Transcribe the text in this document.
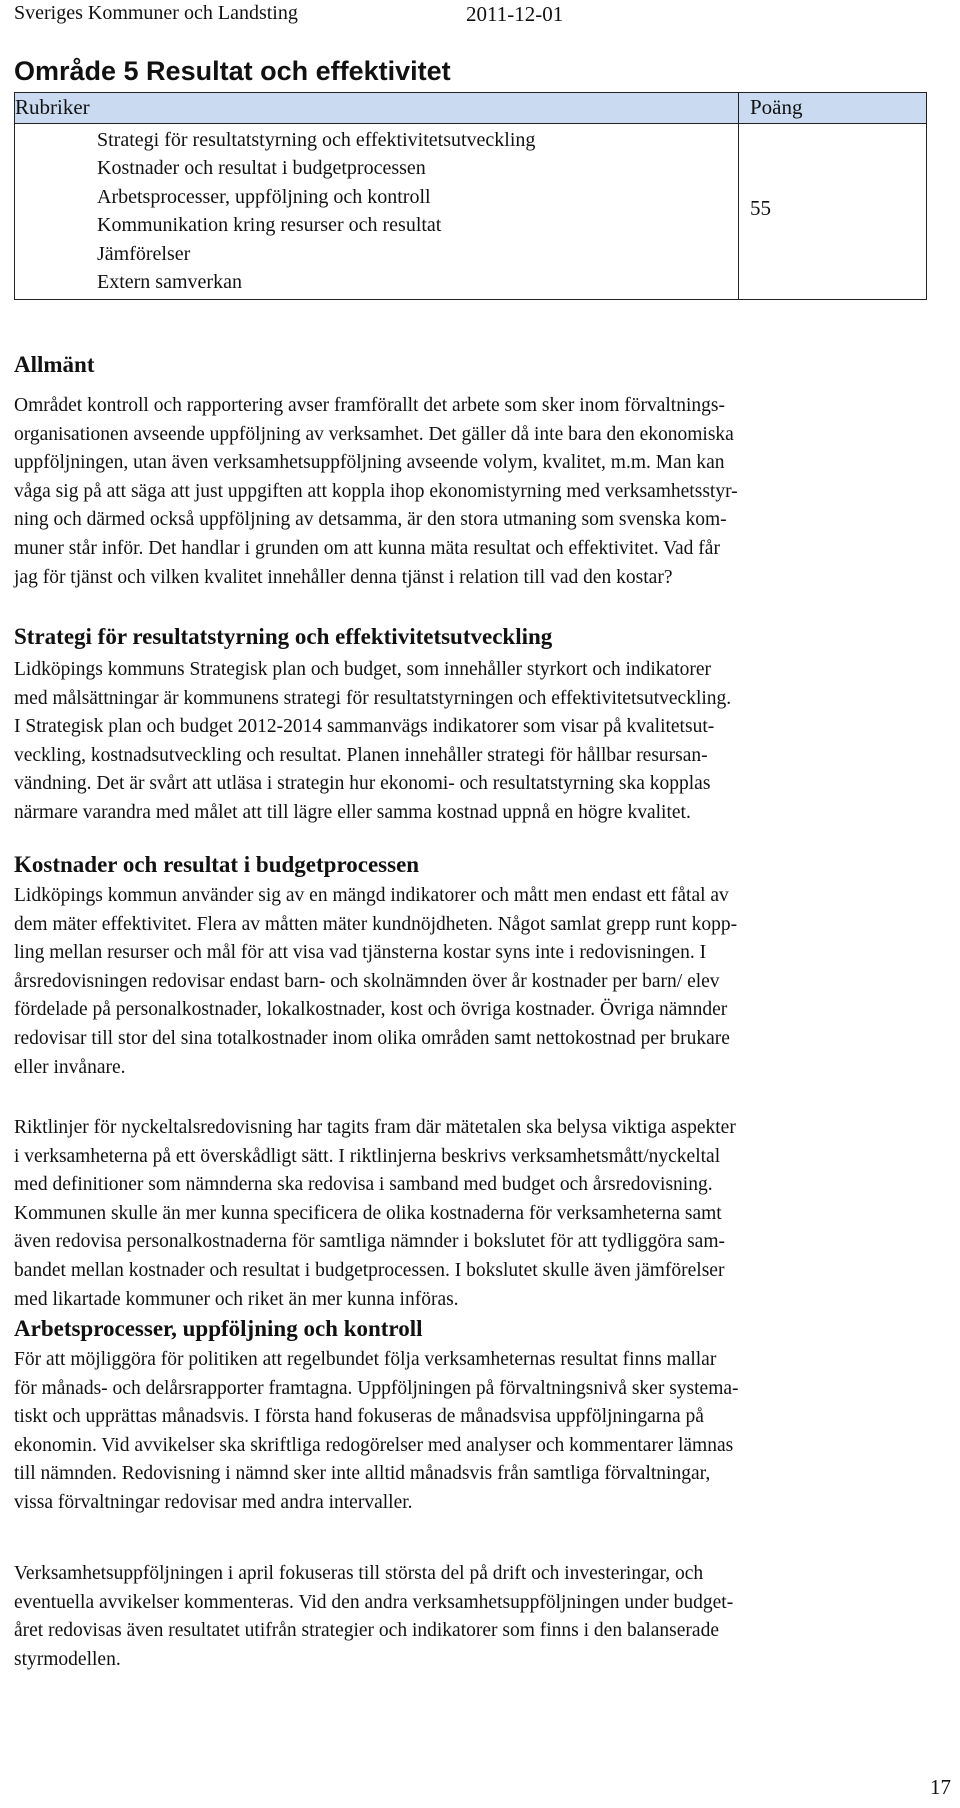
Sveriges Kommuner och Landsting	2011-12-01
Område 5 Resultat och effektivitet
Rubriker	Poäng
Strategi för resultatstyrning och effektivitetsutveckling
Kostnader och resultat i budgetprocessen
Arbetsprocesser, uppföljning och kontroll
Kommunikation kring resurser och resultat
Jämförelser
Extern samverkan
55
Allmänt
Området kontroll och rapportering avser framförallt det arbete som sker inom förvaltnings-
organisationen avseende uppföljning av verksamhet. Det gäller då inte bara den ekonomiska
uppföljningen, utan även verksamhetsuppföljning avseende volym, kvalitet, m.m. Man kan
våga sig på att säga att just uppgiften att koppla ihop ekonomistyrning med verksamhetsstyr-
ning och därmed också uppföljning av detsamma, är den stora utmaning som svenska kom-
muner står inför. Det handlar i grunden om att kunna mäta resultat och effektivitet. Vad får
jag för tjänst och vilken kvalitet innehåller denna tjänst i relation till vad den kostar?
Strategi för resultatstyrning och effektivitetsutveckling
Lidköpings kommuns Strategisk plan och budget, som innehåller styrkort och indikatorer
med målsättningar är kommunens strategi för resultatstyrningen och effektivitetsutveckling.
I Strategisk plan och budget 2012-2014 sammanvägs indikatorer som visar på kvalitetsut-
veckling, kostnadsutveckling och resultat. Planen innehåller strategi för hållbar resursan-
vändning. Det är svårt att utläsa i strategin hur ekonomi- och resultatstyrning ska kopplas
närmare varandra med målet att till lägre eller samma kostnad uppnå en högre kvalitet.
Kostnader och resultat i budgetprocessen
Lidköpings kommun använder sig av en mängd indikatorer och mått men endast ett fåtal av
dem mäter effektivitet. Flera av måtten mäter kundnöjdheten. Något samlat grepp runt kopp-
ling mellan resurser och mål för att visa vad tjänsterna kostar syns inte i redovisningen. I
årsredovisningen redovisar endast barn- och skolnämnden över år kostnader per barn/ elev
fördelade på personalkostnader, lokalkostnader, kost och övriga kostnader. Övriga nämnder
redovisar till stor del sina totalkostnader inom olika områden samt nettokostnad per brukare
eller invånare.
Riktlinjer för nyckeltalsredovisning har tagits fram där mätetalen ska belysa viktiga aspekter
i verksamheterna på ett överskådligt sätt. I riktlinjerna beskrivs verksamhetsmått/nyckeltal
med definitioner som nämnderna ska redovisa i samband med budget och årsredovisning.
Kommunen skulle än mer kunna specificera de olika kostnaderna för verksamheterna samt
även redovisa personalkostnaderna för samtliga nämnder i bokslutet för att tydliggöra sam-
bandet mellan kostnader och resultat i budgetprocessen. I bokslutet skulle även jämförelser
med likartade kommuner och riket än mer kunna införas.
Arbetsprocesser, uppföljning och kontroll
För att möjliggöra för politiken att regelbundet följa verksamheternas resultat finns mallar
för månads- och delårsrapporter framtagna. Uppföljningen på förvaltningsnivå sker systema-
tiskt och upprättas månadsvis. I första hand fokuseras de månadsvisa uppföljningarna på
ekonomin. Vid avvikelser ska skriftliga redogörelser med analyser och kommentarer lämnas
till nämnden. Redovisning i nämnd sker inte alltid månadsvis från samtliga förvaltningar,
vissa förvaltningar redovisar med andra intervaller.
Verksamhetsuppföljningen i april fokuseras till största del på drift och investeringar, och
eventuella avvikelser kommenteras. Vid den andra verksamhetsuppföljningen under budget-
året redovisas även resultatet utifrån strategier och indikatorer som finns i den balanserade
styrmodellen.
17
